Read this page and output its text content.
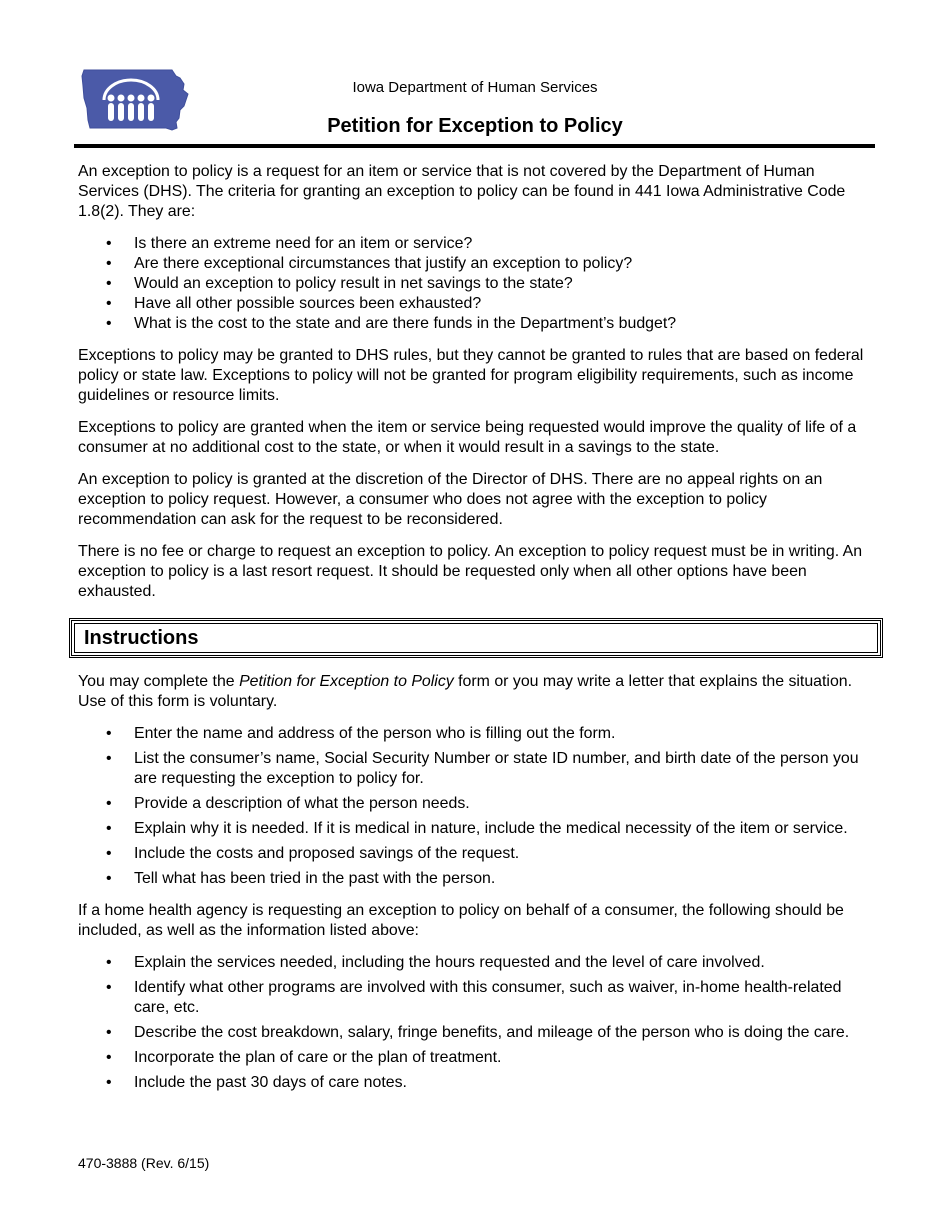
Iowa Department of Human Services
Petition for Exception to Policy

An exception to policy is a request for an item or service that is not covered by the Department of Human Services (DHS). The criteria for granting an exception to policy can be found in 441 Iowa Administrative Code 1.8(2). They are:

• Is there an extreme need for an item or service?
• Are there exceptional circumstances that justify an exception to policy?
• Would an exception to policy result in net savings to the state?
• Have all other possible sources been exhausted?
• What is the cost to the state and are there funds in the Department’s budget?

Exceptions to policy may be granted to DHS rules, but they cannot be granted to rules that are based on federal policy or state law. Exceptions to policy will not be granted for program eligibility requirements, such as income guidelines or resource limits.

Exceptions to policy are granted when the item or service being requested would improve the quality of life of a consumer at no additional cost to the state, or when it would result in a savings to the state.

An exception to policy is granted at the discretion of the Director of DHS. There are no appeal rights on an exception to policy request. However, a consumer who does not agree with the exception to policy recommendation can ask for the request to be reconsidered.

There is no fee or charge to request an exception to policy. An exception to policy request must be in writing. An exception to policy is a last resort request. It should be requested only when all other options have been exhausted.

Instructions

You may complete the Petition for Exception to Policy form or you may write a letter that explains the situation. Use of this form is voluntary.

• Enter the name and address of the person who is filling out the form.
• List the consumer’s name, Social Security Number or state ID number, and birth date of the person you are requesting the exception to policy for.
• Provide a description of what the person needs.
• Explain why it is needed. If it is medical in nature, include the medical necessity of the item or service.
• Include the costs and proposed savings of the request.
• Tell what has been tried in the past with the person.

If a home health agency is requesting an exception to policy on behalf of a consumer, the following should be included, as well as the information listed above:

• Explain the services needed, including the hours requested and the level of care involved.
• Identify what other programs are involved with this consumer, such as waiver, in-home health-related care, etc.
• Describe the cost breakdown, salary, fringe benefits, and mileage of the person who is doing the care.
• Incorporate the plan of care or the plan of treatment.
• Include the past 30 days of care notes.
470-3888 (Rev. 6/15)
